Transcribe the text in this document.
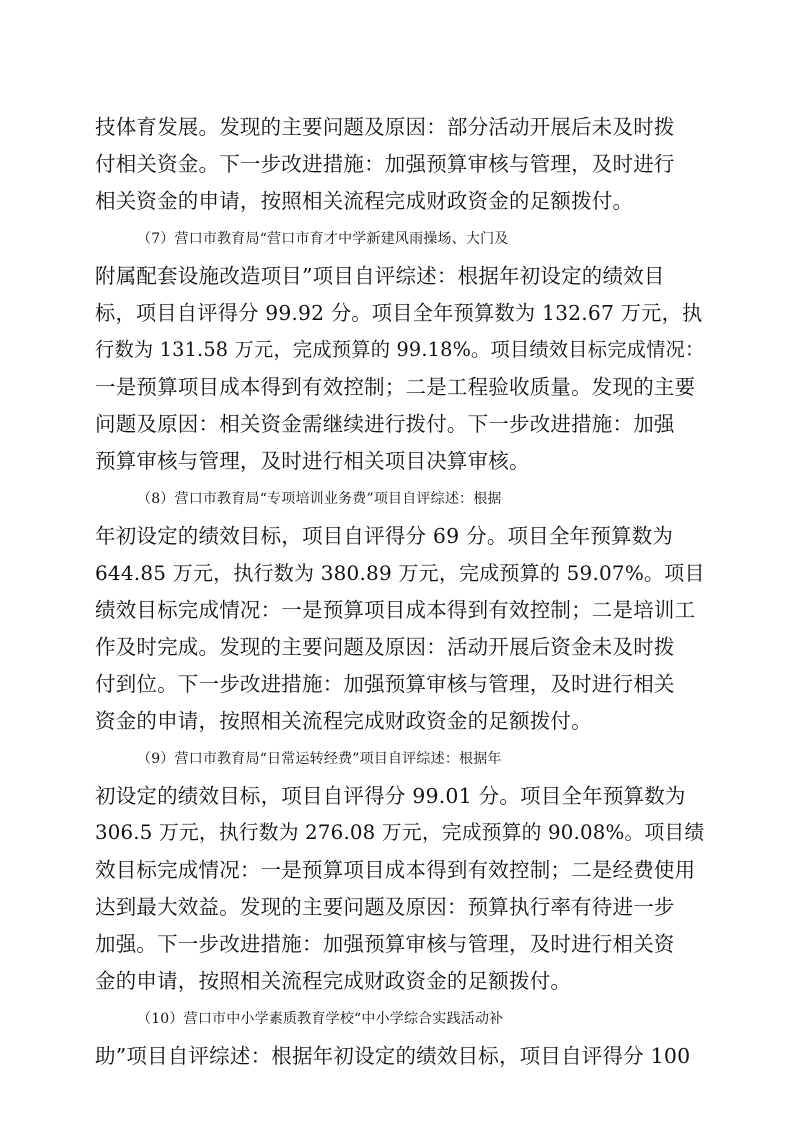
技体育发展。发现的主要问题及原因：部分活动开展后未及时拨
付相关资金。下一步改进措施：加强预算审核与管理，及时进行
相关资金的申请，按照相关流程完成财政资金的足额拨付。
（7）营口市教育局“营口市育才中学新建风雨操场、大门及
附属配套设施改造项目”项目自评综述：根据年初设定的绩效目
标，项目自评得分 99.92 分。项目全年预算数为 132.67 万元，执
行数为 131.58 万元，完成预算的 99.18%。项目绩效目标完成情况：
一是预算项目成本得到有效控制；二是工程验收质量。发现的主要
问题及原因：相关资金需继续进行拨付。下一步改进措施：加强
预算审核与管理，及时进行相关项目决算审核。
（8）营口市教育局“专项培训业务费”项目自评综述：根据
年初设定的绩效目标，项目自评得分 69 分。项目全年预算数为
644.85 万元，执行数为 380.89 万元，完成预算的 59.07%。项目
绩效目标完成情况：一是预算项目成本得到有效控制；二是培训工
作及时完成。发现的主要问题及原因：活动开展后资金未及时拨
付到位。下一步改进措施：加强预算审核与管理，及时进行相关
资金的申请，按照相关流程完成财政资金的足额拨付。
（9）营口市教育局“日常运转经费”项目自评综述：根据年
初设定的绩效目标，项目自评得分 99.01 分。项目全年预算数为
306.5 万元，执行数为 276.08 万元，完成预算的 90.08%。项目绩
效目标完成情况：一是预算项目成本得到有效控制；二是经费使用
达到最大效益。发现的主要问题及原因：预算执行率有待进一步
加强。下一步改进措施：加强预算审核与管理，及时进行相关资
金的申请，按照相关流程完成财政资金的足额拨付。
（10）营口市中小学素质教育学校“中小学综合实践活动补
助”项目自评综述：根据年初设定的绩效目标，项目自评得分 100
